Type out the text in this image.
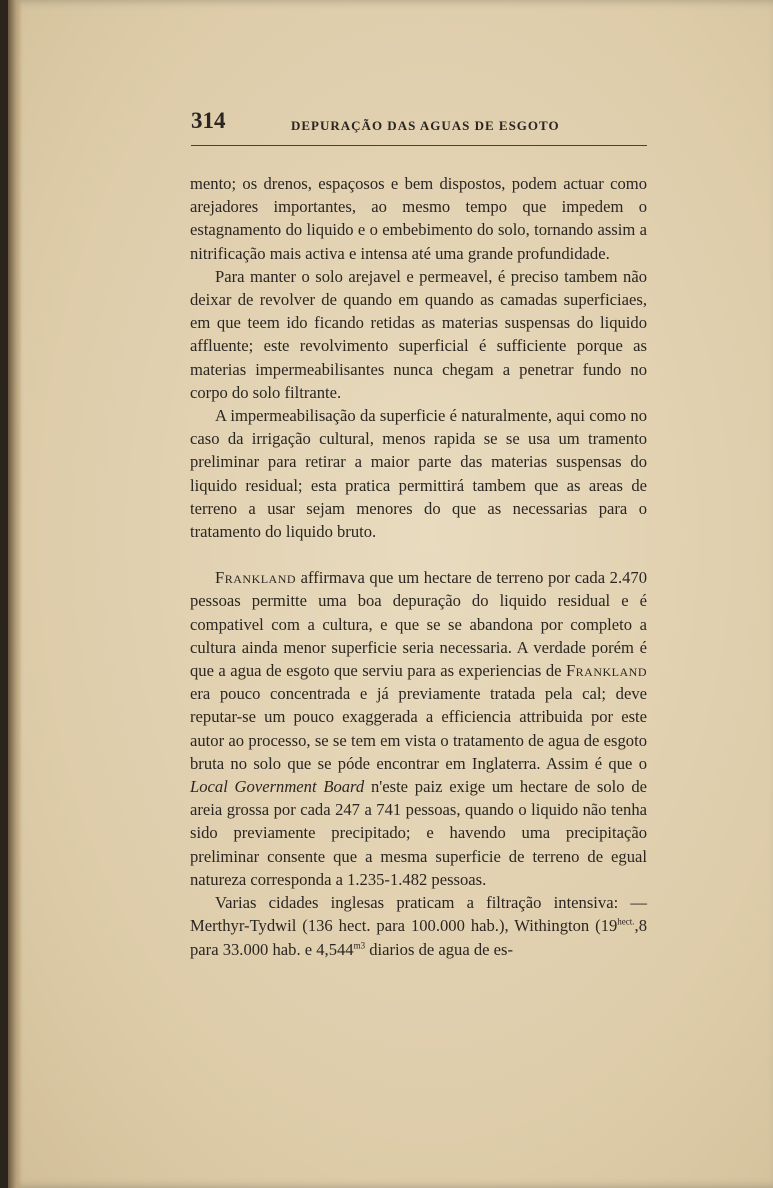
314	DEPURAÇÃO DAS AGUAS DE ESGOTO

mento; os drenos, espaçosos e bem dispostos, podem actuar como arejadores importantes, ao mesmo tempo que impedem o estagnamento do liquido e o embebimento do solo, tornando assim a nitrificação mais activa e intensa até uma grande profundidade.

Para manter o solo arejavel e permeavel, é preciso tambem não deixar de revolver de quando em quando as camadas superficiaes, em que teem ido ficando retidas as materias suspensas do liquido affluente; este revolvimento superficial é sufficiente porque as materias impermeabilisantes nunca chegam a penetrar fundo no corpo do solo filtrante.

A impermeabilisação da superficie é naturalmente, aqui como no caso da irrigação cultural, menos rapida se se usa um tramento preliminar para retirar a maior parte das materias suspensas do liquido residual; esta pratica permittirá tambem que as areas de terreno a usar sejam menores do que as necessarias para o tratamento do liquido bruto.

Frankland affirmava que um hectare de terreno por cada 2.470 pessoas permitte uma boa depuração do liquido residual e é compativel com a cultura, e que se se abandona por completo a cultura ainda menor superficie seria necessaria. A verdade porém é que a agua de esgoto que serviu para as experiencias de Frankland era pouco concentrada e já previamente tratada pela cal; deve reputar-se um pouco exaggerada a efficiencia attribuida por este autor ao processo, se se tem em vista o tratamento de agua de esgoto bruta no solo que se póde encontrar em Inglaterra. Assim é que o Local Government Board n'este paiz exige um hectare de solo de areia grossa por cada 247 a 741 pessoas, quando o liquido não tenha sido previamente precipitado; e havendo uma precipitação preliminar consente que a mesma superficie de terreno de egual natureza corresponda a 1.235-1.482 pessoas.

Varias cidades inglesas praticam a filtração intensiva: — Merthyr-Tydwil (136 hect. para 100.000 hab.), Withington ($19^{hect.},8$ para 33.000 hab. e $4,544^{m3}$ diarios de agua de es-
